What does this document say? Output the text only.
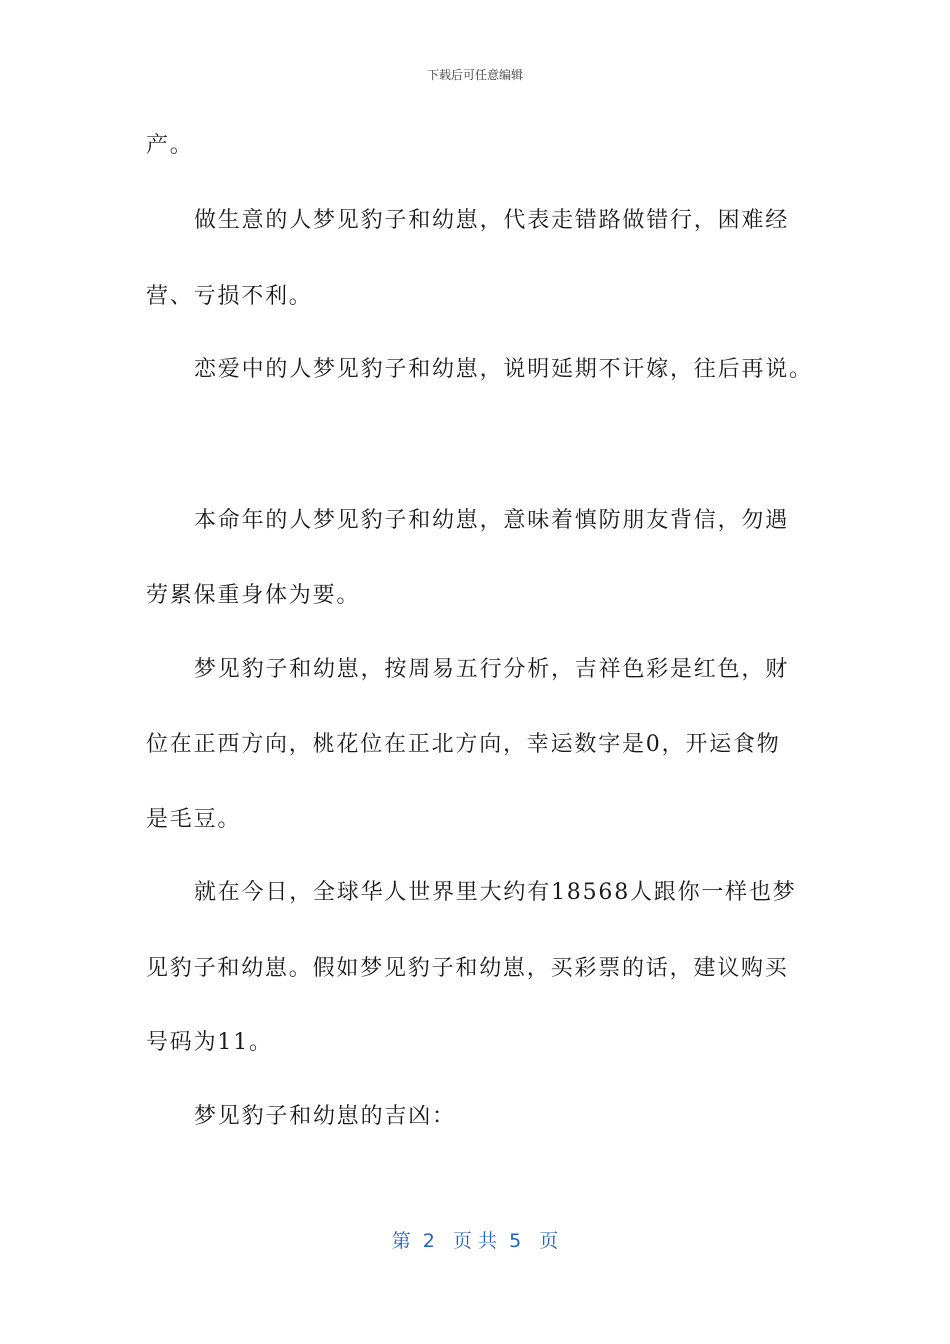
下载后可任意编辑
产。
做生意的人梦见豹子和幼崽，代表走错路做错行，困难经
营、亏损不利。
恋爱中的人梦见豹子和幼崽，说明延期不讦嫁，往后再说。
本命年的人梦见豹子和幼崽，意味着慎防朋友背信，勿遇
劳累保重身体为要。
梦见豹子和幼崽，按周易五行分析，吉祥色彩是红色，财
位在正西方向，桃花位在正北方向，幸运数字是0，开运食物
是毛豆。
就在今日，全球华人世界里大约有18568人跟你一样也梦
见豹子和幼崽。假如梦见豹子和幼崽，买彩票的话，建议购买
号码为11。
梦见豹子和幼崽的吉凶：
第  2   页 共  5   页
